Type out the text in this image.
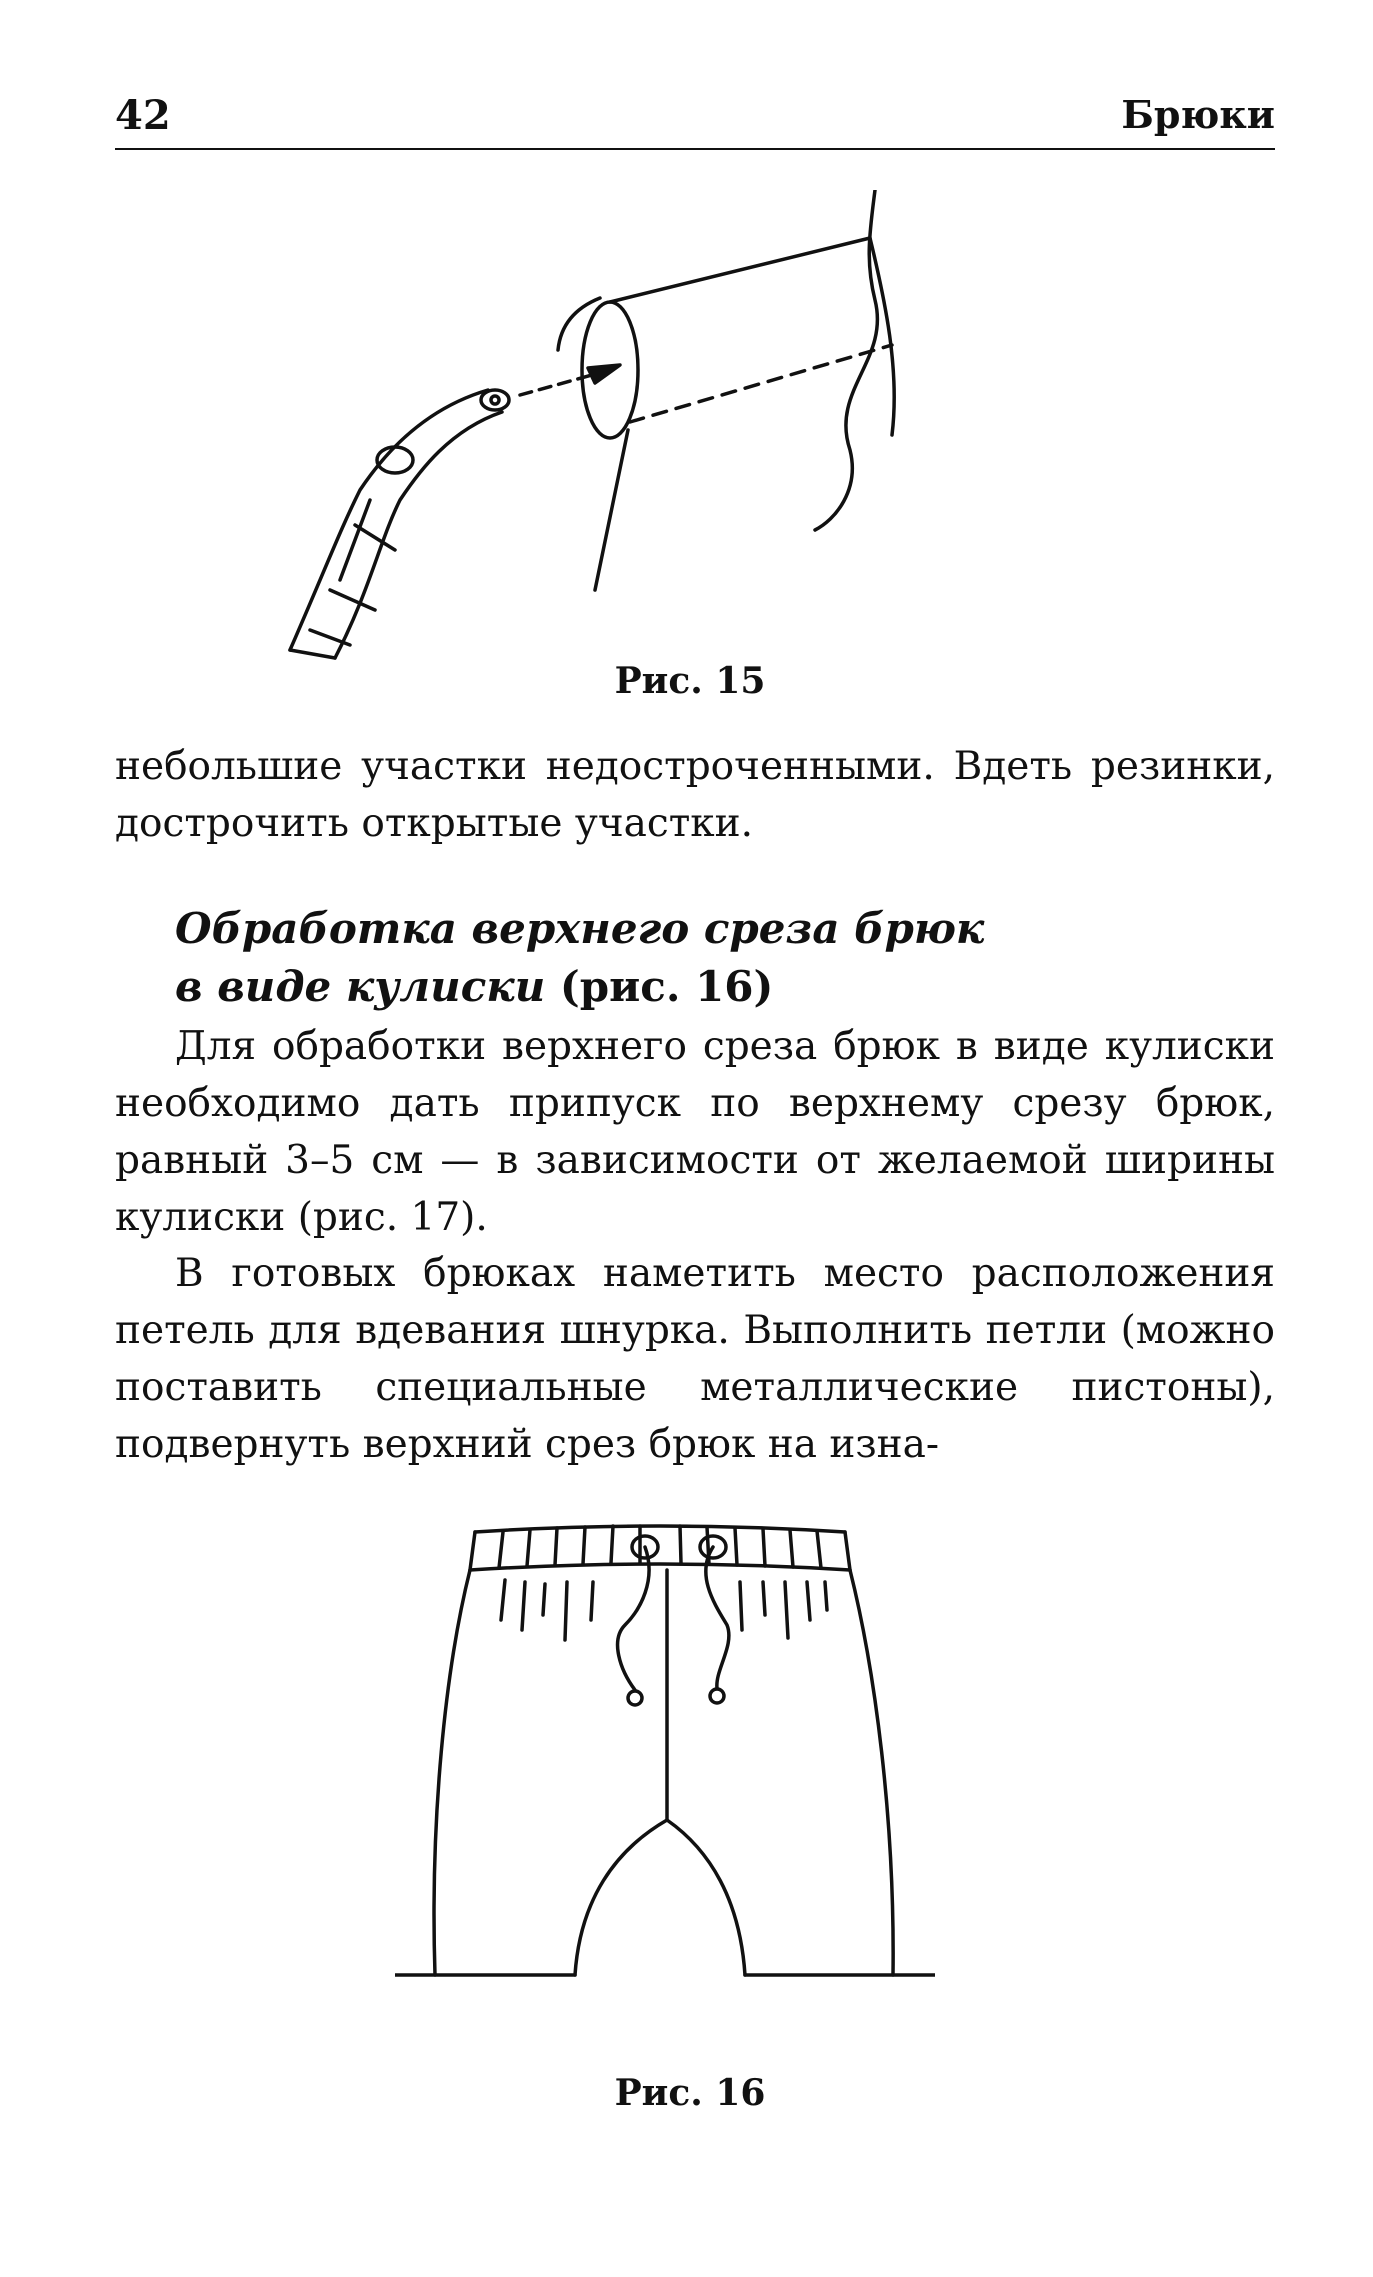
42	Брюки
Рис. 15

небольшие участки недостроченными. Вдеть резинки, дострочить открытые участки.

Обработка верхнего среза брюк
в виде кулиски (рис. 16)

Для обработки верхнего среза брюк в виде кулиски необходимо дать припуск по верхнему срезу брюк, равный 3–5 см — в зависимости от желаемой ширины кулиски (рис. 17).

В готовых брюках наметить место расположения петель для вдевания шнурка. Выполнить петли (можно поставить специальные металлические пистоны), подвернуть верхний срез брюк на изна-

Рис. 16
